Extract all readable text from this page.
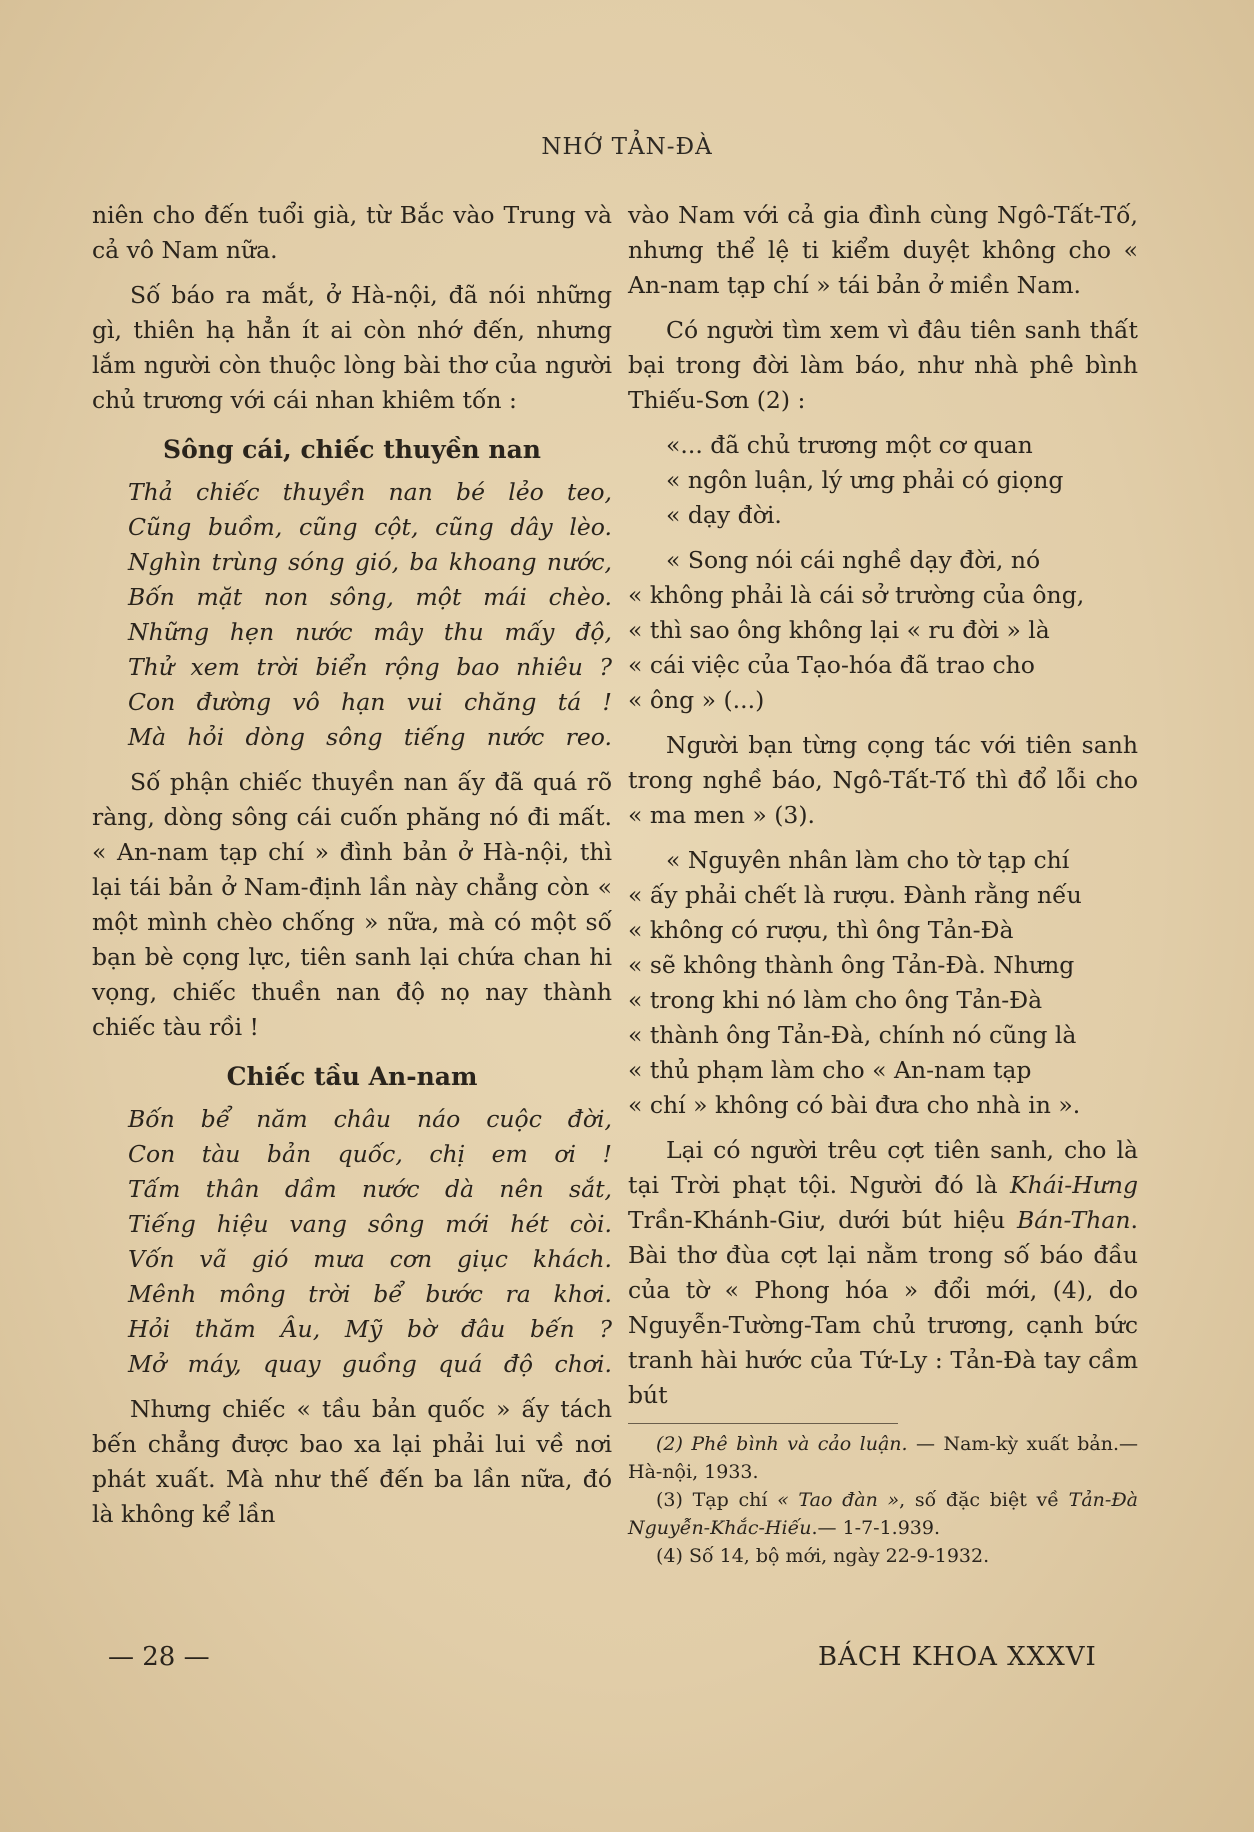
NHỚ TẢN-ĐÀ

niên cho đến tuổi già, từ Bắc vào Trung và cả vô Nam nữa.

Số báo ra mắt, ở Hà-nội, đã nói những gì, thiên hạ hẳn ít ai còn nhớ đến, nhưng lắm người còn thuộc lòng bài thơ của người chủ trương với cái nhan khiêm tốn :

Sông cái, chiếc thuyền nan
Thả chiếc thuyền nan bé lẻo teo,
Cũng buồm, cũng cột, cũng dây lèo.
Nghìn trùng sóng gió, ba khoang nước,
Bốn mặt non sông, một mái chèo.
Những hẹn nước mây thu mấy độ,
Thử xem trời biển rộng bao nhiêu ?
Con đường vô hạn vui chăng tá !
Mà hỏi dòng sông tiếng nước reo.

Số phận chiếc thuyền nan ấy đã quá rõ ràng, dòng sông cái cuốn phăng nó đi mất. « An-nam tạp chí » đình bản ở Hà-nội, thì lại tái bản ở Nam-định lần này chẳng còn « một mình chèo chống » nữa, mà có một số bạn bè cọng lực, tiên sanh lại chứa chan hi vọng, chiếc thuền nan độ nọ nay thành chiếc tàu rồi !

Chiếc tầu An-nam
Bốn bể năm châu náo cuộc đời,
Con tàu bản quốc, chị em ơi !
Tấm thân dầm nước dà nên sắt,
Tiếng hiệu vang sông mới hét còi.
Vốn vã gió mưa cơn giục khách.
Mênh mông trời bể bước ra khơi.
Hỏi thăm Âu, Mỹ bờ đâu bến ?
Mở máy, quay guồng quá độ chơi.

Nhưng chiếc « tầu bản quốc » ấy tách bến chẳng được bao xa lại phải lui về nơi phát xuất. Mà như thế đến ba lần nữa, đó là không kể lần

vào Nam với cả gia đình cùng Ngô-Tất-Tố, nhưng thể lệ ti kiểm duyệt không cho « An-nam tạp chí » tái bản ở miền Nam.

Có người tìm xem vì đâu tiên sanh thất bại trong đời làm báo, như nhà phê bình Thiếu-Sơn (2) :

«... đã chủ trương một cơ quan
« ngôn luận, lý ưng phải có giọng
« dạy đời.
« Song nói cái nghề dạy đời, nó
« không phải là cái sở trường của ông,
« thì sao ông không lại « ru đời » là
« cái việc của Tạo-hóa đã trao cho
« ông » (...)

Người bạn từng cọng tác với tiên sanh trong nghề báo, Ngô-Tất-Tố thì đổ lỗi cho « ma men » (3).

« Nguyên nhân làm cho tờ tạp chí
« ấy phải chết là rượu. Đành rằng nếu
« không có rượu, thì ông Tản-Đà
« sẽ không thành ông Tản-Đà. Nhưng
« trong khi nó làm cho ông Tản-Đà
« thành ông Tản-Đà, chính nó cũng là
« thủ phạm làm cho « An-nam tạp
« chí » không có bài đưa cho nhà in ».

Lại có người trêu cợt tiên sanh, cho là tại Trời phạt tội. Người đó là Khái-Hưng Trần-Khánh-Giư, dưới bút hiệu Bán-Than. Bài thơ đùa cợt lại nằm trong số báo đầu của tờ « Phong hóa » đổi mới, (4), do Nguyễn-Tường-Tam chủ trương, cạnh bức tranh hài hước của Tứ-Ly : Tản-Đà tay cầm bút

(2) Phê bình và cảo luận. — Nam-kỳ xuất bản.— Hà-nội, 1933.

(3) Tạp chí « Tao đàn », số đặc biệt về Tản-Đà Nguyễn-Khắc-Hiếu.— 1-7-1.939.

(4) Số 14, bộ mới, ngày 22-9-1932.

— 28 —	BÁCH KHOA XXXVI
